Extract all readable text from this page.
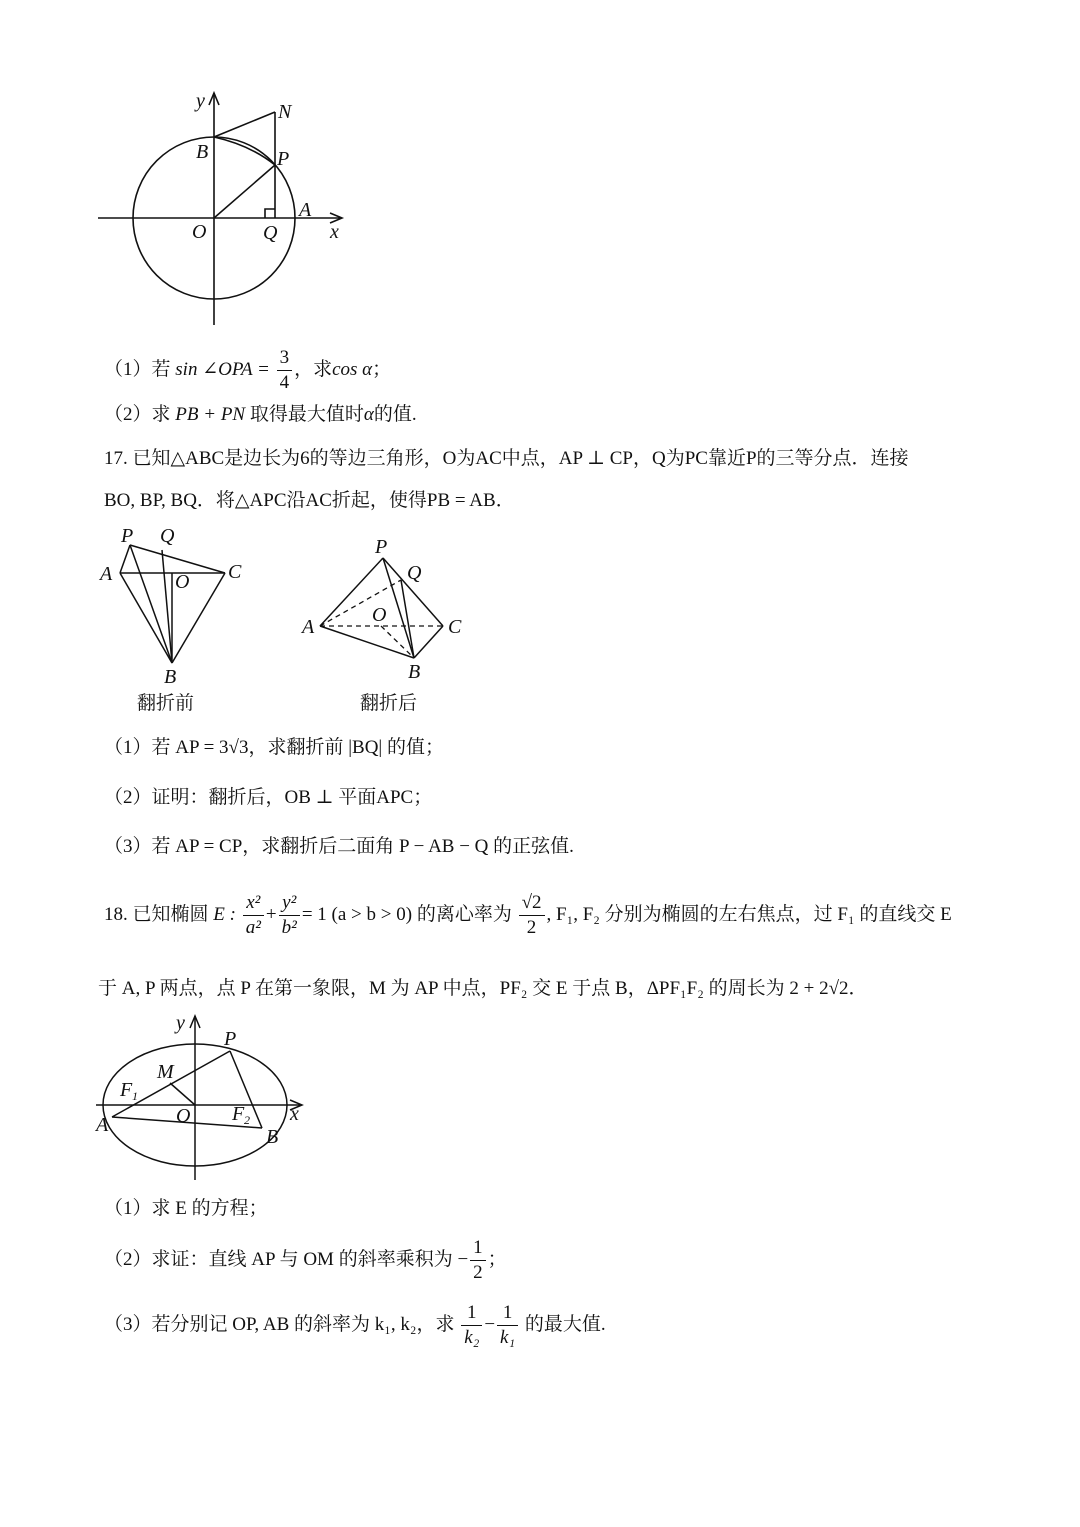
y
x
N
B	P
O	Q
A
（1）若 sin ∠OPA = $\frac{3}{4}$ ，求cos α；
（2）求 PB + PN 取得最大值时α的值.
17. 已知△ABC是边长为6的等边三角形，O为AC中点，AP ⊥ CP，Q为PC靠近P的三等分点．连接
BO, BP, BQ．将△APC沿AC折起，使得PB = AB．
P Q
A	O C
B
翻折前
P
Q
A
O
C
B
翻折后
（1）若 AP = 3√3，求翻折前 |BQ| 的值；
（2）证明：翻折后，OB ⊥ 平面APC；
（3）若 AP = CP，求翻折后二面角 P − AB − Q 的正弦值.
18. 已知椭圆 E : $\frac{\text{x²}}{\text{a²}} + \frac{\text{y²}}{\text{b²}} = 1$ (a > b > 0) 的离心率为 $\frac{√2}{2}$ , F₁, F₂ 分别为椭圆的左右焦点，过 F₁ 的直线交 E
于 A, P 两点，点 P 在第一象限，M 为 AP 中点，PF₂ 交 E 于点 B，ΔPF₁F₂ 的周长为 2 + 2√2．
y
x
P
M
F 1
O F 2
A
B
（1）求 E 的方程；
（2）求证：直线 AP 与 OM 的斜率乘积为 − $\frac{1}{2}$ ；
（3）若分别记 OP, AB 的斜率为 k₁, k₂，求 $\frac{1}{\text{k₂}} - \frac{1}{\text{k₁}}$ 的最大值.
